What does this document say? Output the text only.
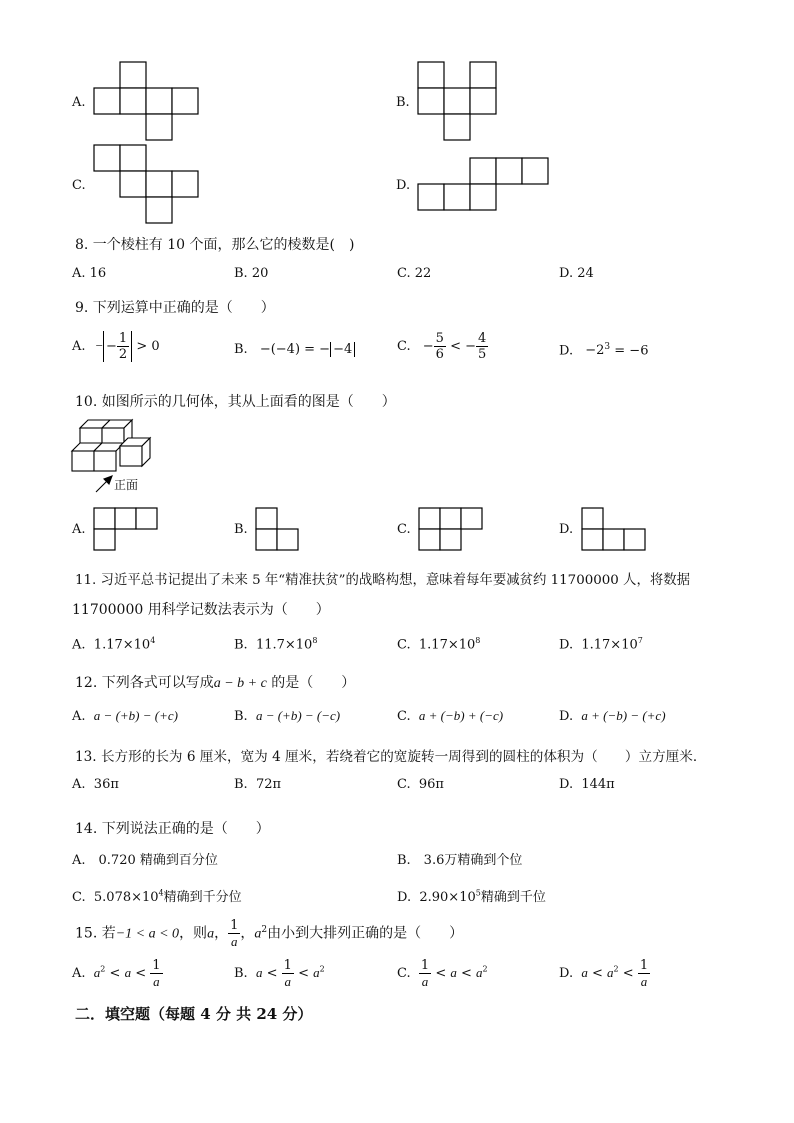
A.	B.
C.	D.
8. 一个棱柱有 10 个面，那么它的棱数是(　)
A. 16	B. 20	C. 22	D. 24
9. 下列运算中正确的是（　　）
A. − − $\frac{1}{2} > 0$	B. −(−4) = − −4	C. − $\frac{5}{6}$ < − $\frac{4}{5}$	D. $-2^3 = -6$
10. 如图所示的几何体，其从上面看的图是（　　）
正面
A.	B.	C.	D.
11. 习近平总书记提出了未来 5 年“精准扶贫”的战略构想，意味着每年要减贫约 11700000 人，将数据
11700000 用科学记数法表示为（　　）
A. $1.17\times 10^4$	B. $11.7\times 10^8$	C. $1.17\times 10^8$	D. $1.17\times 10^7$
12. 下列各式可以写成a − b + c 的是（　　）
A. a − (+b) − (+c)	B. a − (+b) − (−c)	C. a + (−b) + (−c)	D. a + (−b) − (+c)
13. 长方形的长为 6 厘米，宽为 4 厘米，若绕着它的宽旋转一周得到的圆柱的体积为（　　）立方厘米．
A. 36π	B. 72π	C. 96π	D. 144π
14. 下列说法正确的是（　　）
A.　0.720 精确到百分位	B.　3.6万精确到个位
C. $5.078\times 10^4$精确到千分位	D. $2.90\times 10^5$精确到千位
15. 若−1 < a < 0，则a， $\frac{1}{a}$ ，$a^2$由小到大排列正确的是（　　）
A. $a^2 < a < \frac{1}{a}$	B. $a < \frac{1}{a} < a^2$	C. $\frac{1}{a} < a < a^2$	D. $a < a^2 < \frac{1}{a}$
二．填空题（每题 4 分 共 24 分）
